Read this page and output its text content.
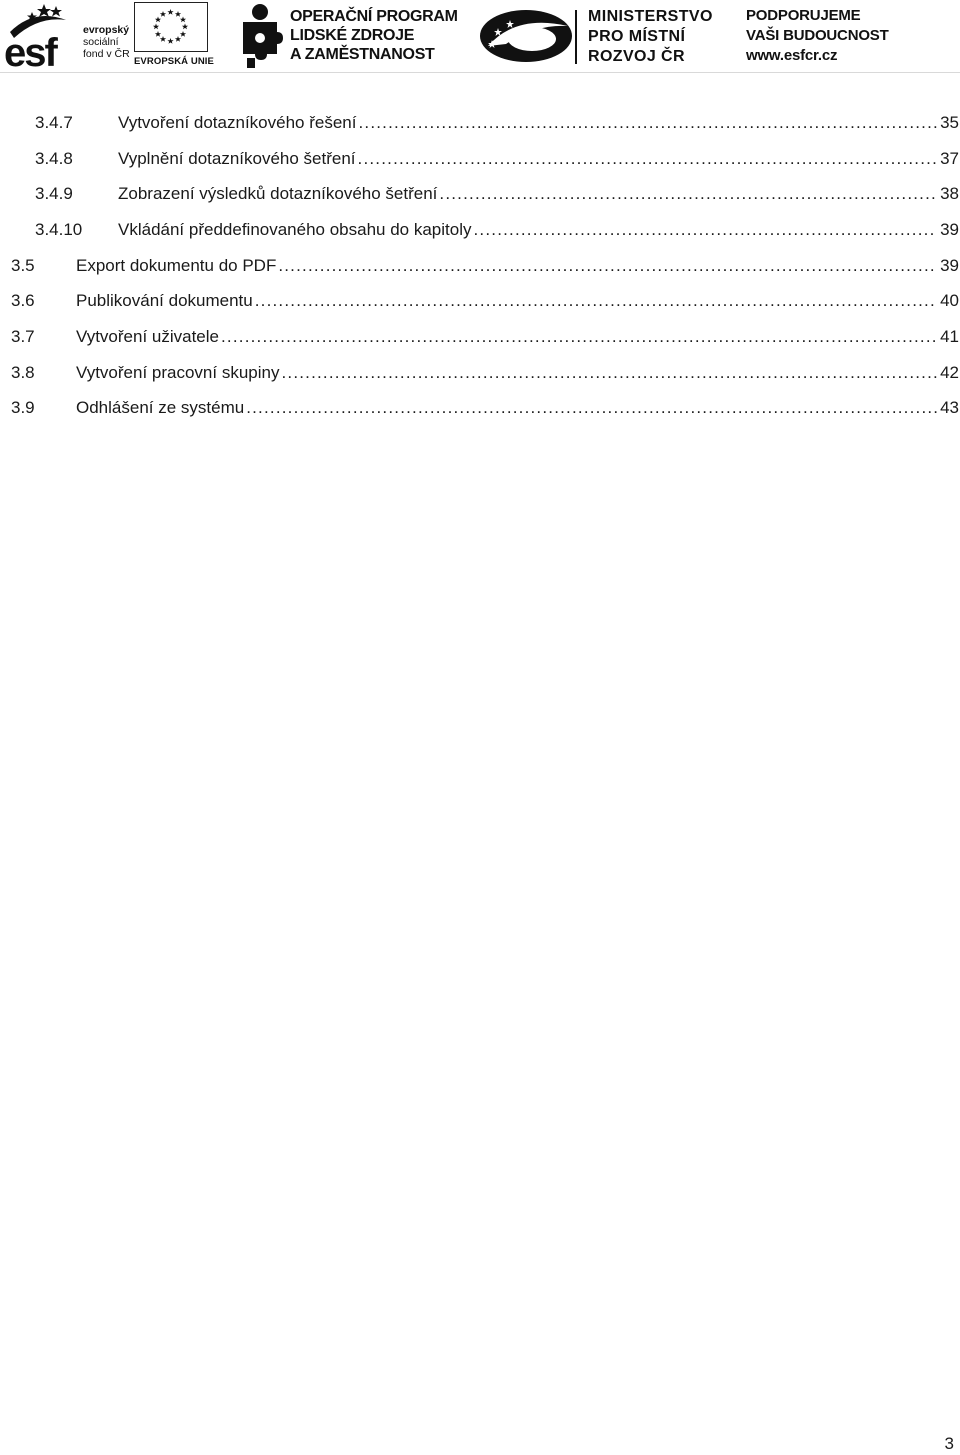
esf
evropský
sociální
fond v ČR
EVROPSKÁ UNIE
OPERAČNÍ PROGRAM
LIDSKÉ ZDROJE
A ZAMĚSTNANOST
MINISTERSTVO
PRO MÍSTNÍ
ROZVOJ ČR
PODPORUJEME
VAŠI BUDOUCNOST
www.esfcr.cz
3.4.7	Vytvoření dotazníkového řešení .....	35
3.4.8	Vyplnění dotazníkového šetření .....	37
3.4.9	Zobrazení výsledků dotazníkového šetření .....	38
3.4.10	Vkládání předdefinovaného obsahu do kapitoly .....	39
3.5	Export dokumentu do PDF .....	39
3.6	Publikování dokumentu .....	40
3.7	Vytvoření uživatele .....	41
3.8	Vytvoření pracovní skupiny .....	42
3.9	Odhlášení ze systému .....	43
3
